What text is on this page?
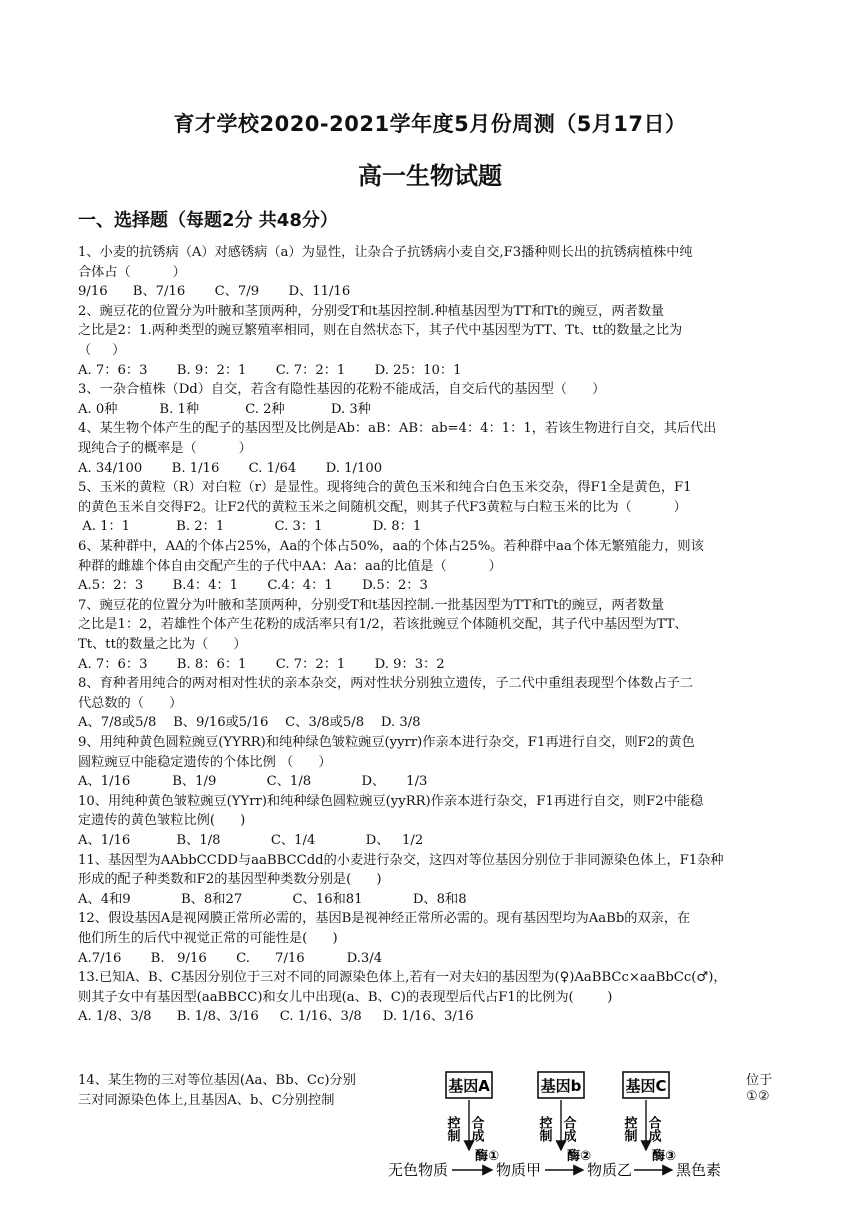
育才学校2020-2021学年度5月份周测（5月17日）
高一生物试题
一、选择题（每题2分 共48分）
1、小麦的抗锈病（A）对感锈病（a）为显性，让杂合子抗锈病小麦自交,F3播种则长出的抗锈病植株中纯
合体占（          ）
9/16      B、7/16       C、7/9       D、11/16
2、豌豆花的位置分为叶腋和茎顶两种，分别受T和t基因控制.种植基因型为TT和Tt的豌豆，两者数量
之比是2：1.两种类型的豌豆繁殖率相同，则在自然状态下，其子代中基因型为TT、Tt、tt的数量之比为
（     ）
A. 7：6：3       B. 9：2：1       C. 7：2：1       D. 25：10：1
3、一杂合植株（Dd）自交，若含有隐性基因的花粉不能成活，自交后代的基因型（      ）
A. 0种          B. 1种           C. 2种           D. 3种
4、某生物个体产生的配子的基因型及比例是Ab：aB：AB：ab=4：4：1：1，若该生物进行自交，其后代出
现纯合子的概率是（          ）
A. 34/100       B. 1/16       C. 1/64       D. 1/100
5、玉米的黄粒（R）对白粒（r）是显性。现将纯合的黄色玉米和纯合白色玉米交杂，得F1全是黄色，F1
的黄色玉米自交得F2。让F2代的黄粒玉米之间随机交配，则其子代F3黄粒与白粒玉米的比为（          ）
A. 1：1           B. 2：1            C. 3：1            D. 8：1
6、某种群中，AA的个体占25%，Aa的个体占50%，aa的个体占25%。若种群中aa个体无繁殖能力，则该
种群的雌雄个体自由交配产生的子代中AA：Aa：aa的比值是（          ）
A.5：2：3       B.4：4：1       C.4：4：1       D.5：2：3
7、豌豆花的位置分为叶腋和茎顶两种，分别受T和t基因控制.一批基因型为TT和Tt的豌豆，两者数量
之比是1：2，若雄性个体产生花粉的成活率只有1/2，若该批豌豆个体随机交配，其子代中基因型为TT、
Tt、tt的数量之比为（      ）
A. 7：6：3       B. 8：6：1       C. 7：2：1       D. 9：3：2
8、育种者用纯合的两对相对性状的亲本杂交，两对性状分别独立遗传，子二代中重组表现型个体数占子二
代总数的（      ）
A、7/8或5/8    B、9/16或5/16    C、3/8或5/8    D. 3/8
9、用纯种黄色圆粒豌豆(YYRR)和纯种绿色皱粒豌豆(yyrr)作亲本进行杂交，F1再进行自交，则F2的黄色
圆粒豌豆中能稳定遗传的个体比例 （      ）
A、1/16          B、1/9            C、1/8            D、     1/3
10、用纯种黄色皱粒豌豆(YYrr)和纯种绿色圆粒豌豆(yyRR)作亲本进行杂交，F1再进行自交，则F2中能稳
定遗传的黄色皱粒比例(      )
A、1/16           B、1/8            C、1/4            D、   1/2
11、基因型为AAbbCCDD与aaBBCCdd的小麦进行杂交，这四对等位基因分别位于非同源染色体上，F1杂种
形成的配子种类数和F2的基因型种类数分别是(      )
A、4和9            B、8和27            C、16和81            D、8和8
12、假设基因A是视网膜正常所必需的，基因B是视神经正常所必需的。现有基因型均为AaBb的双亲，在
他们所生的后代中视觉正常的可能性是(      )
A.7/16       B.   9/16       C.      7/16          D.3/4
13.已知A、B、C基因分别位于三对不同的同源染色体上,若有一对夫妇的基因型为(♀)AaBBCc×aaBbCc(♂)，
则其子女中有基因型(aaBBCC)和女儿中出现(a、B、C)的表现型后代占F1的比例为(        )
A. 1/8、3/8      B. 1/8、3/16     C. 1/16、3/8     D. 1/16、3/16
14、某生物的三对等位基因(Aa、Bb、Cc)分别
三对同源染色体上,且基因A、b、C分别控制
位于
①②
基因A	基因b	基因C
控制 合成	控制 合成	控制 合成
酶①	酶②	酶③
无色物质	物质甲	物质乙	黑色素
